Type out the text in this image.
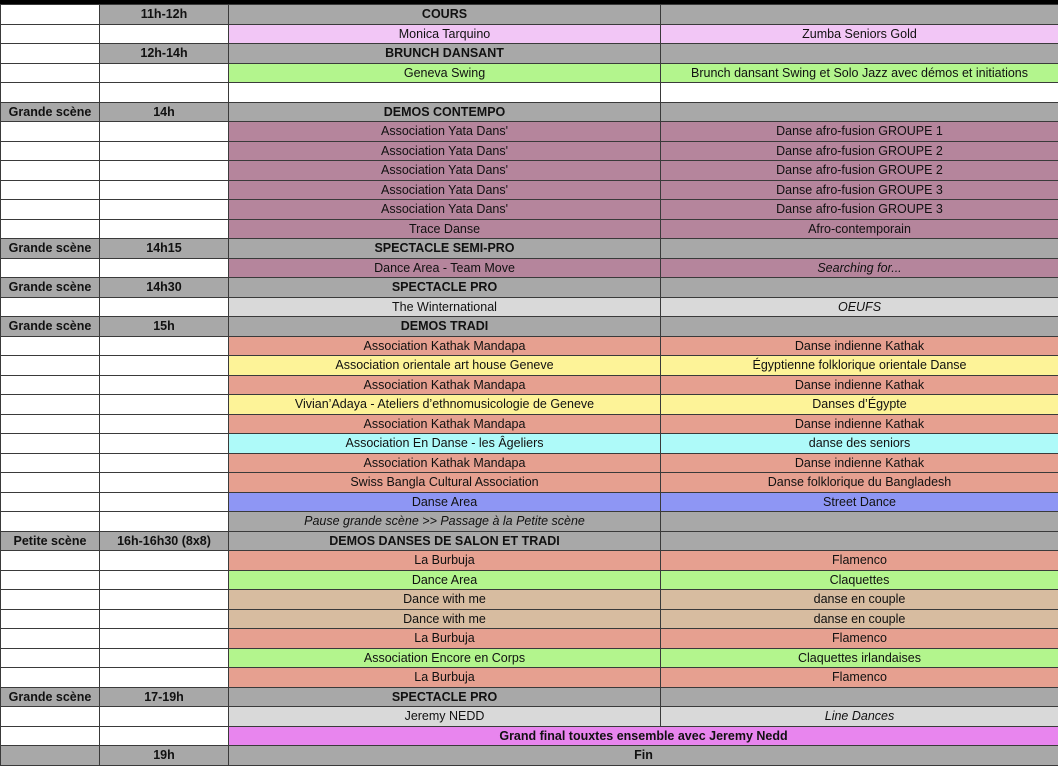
	11h-12h	COURS	
		Monica Tarquino	Zumba Seniors Gold
	12h-14h	BRUNCH DANSANT	
		Geneva Swing	Brunch dansant Swing et Solo Jazz avec démos et initiations

Grande scène	14h	DEMOS CONTEMPO	
		Association Yata Dans'	Danse afro-fusion GROUPE 1
		Association Yata Dans'	Danse afro-fusion GROUPE 2
		Association Yata Dans'	Danse afro-fusion GROUPE 2
		Association Yata Dans'	Danse afro-fusion GROUPE 3
		Association Yata Dans'	Danse afro-fusion GROUPE 3
		Trace Danse	Afro-contemporain
Grande scène	14h15	SPECTACLE SEMI-PRO	
		Dance Area - Team Move	Searching for...
Grande scène	14h30	SPECTACLE PRO	
		The Winternational	OEUFS
Grande scène	15h	DEMOS TRADI	
		Association Kathak Mandapa	Danse indienne Kathak
		Association orientale art house Geneve	Égyptienne folklorique orientale Danse
		Association Kathak Mandapa	Danse indienne Kathak
		Vivian’Adaya - Ateliers d’ethnomusicologie de Geneve	Danses d’Égypte
		Association Kathak Mandapa	Danse indienne Kathak
		Association En Danse - les Âgeliers	danse des seniors
		Association Kathak Mandapa	Danse indienne Kathak
		Swiss Bangla Cultural Association	Danse folklorique du Bangladesh
		Danse Area	Street Dance
		Pause grande scène >> Passage à la Petite scène	
Petite scène	16h-16h30 (8x8)	DEMOS DANSES DE SALON ET TRADI	
		La Burbuja	Flamenco
		Dance Area	Claquettes
		Dance with me	danse en couple
		Dance with me	danse en couple
		La Burbuja	Flamenco
		Association Encore en Corps	Claquettes irlandaises
		La Burbuja	Flamenco
Grande scène	17-19h	SPECTACLE PRO	
		Jeremy NEDD	Line Dances
		Grand final touxtes ensemble avec Jeremy Nedd	
	19h	Fin	
